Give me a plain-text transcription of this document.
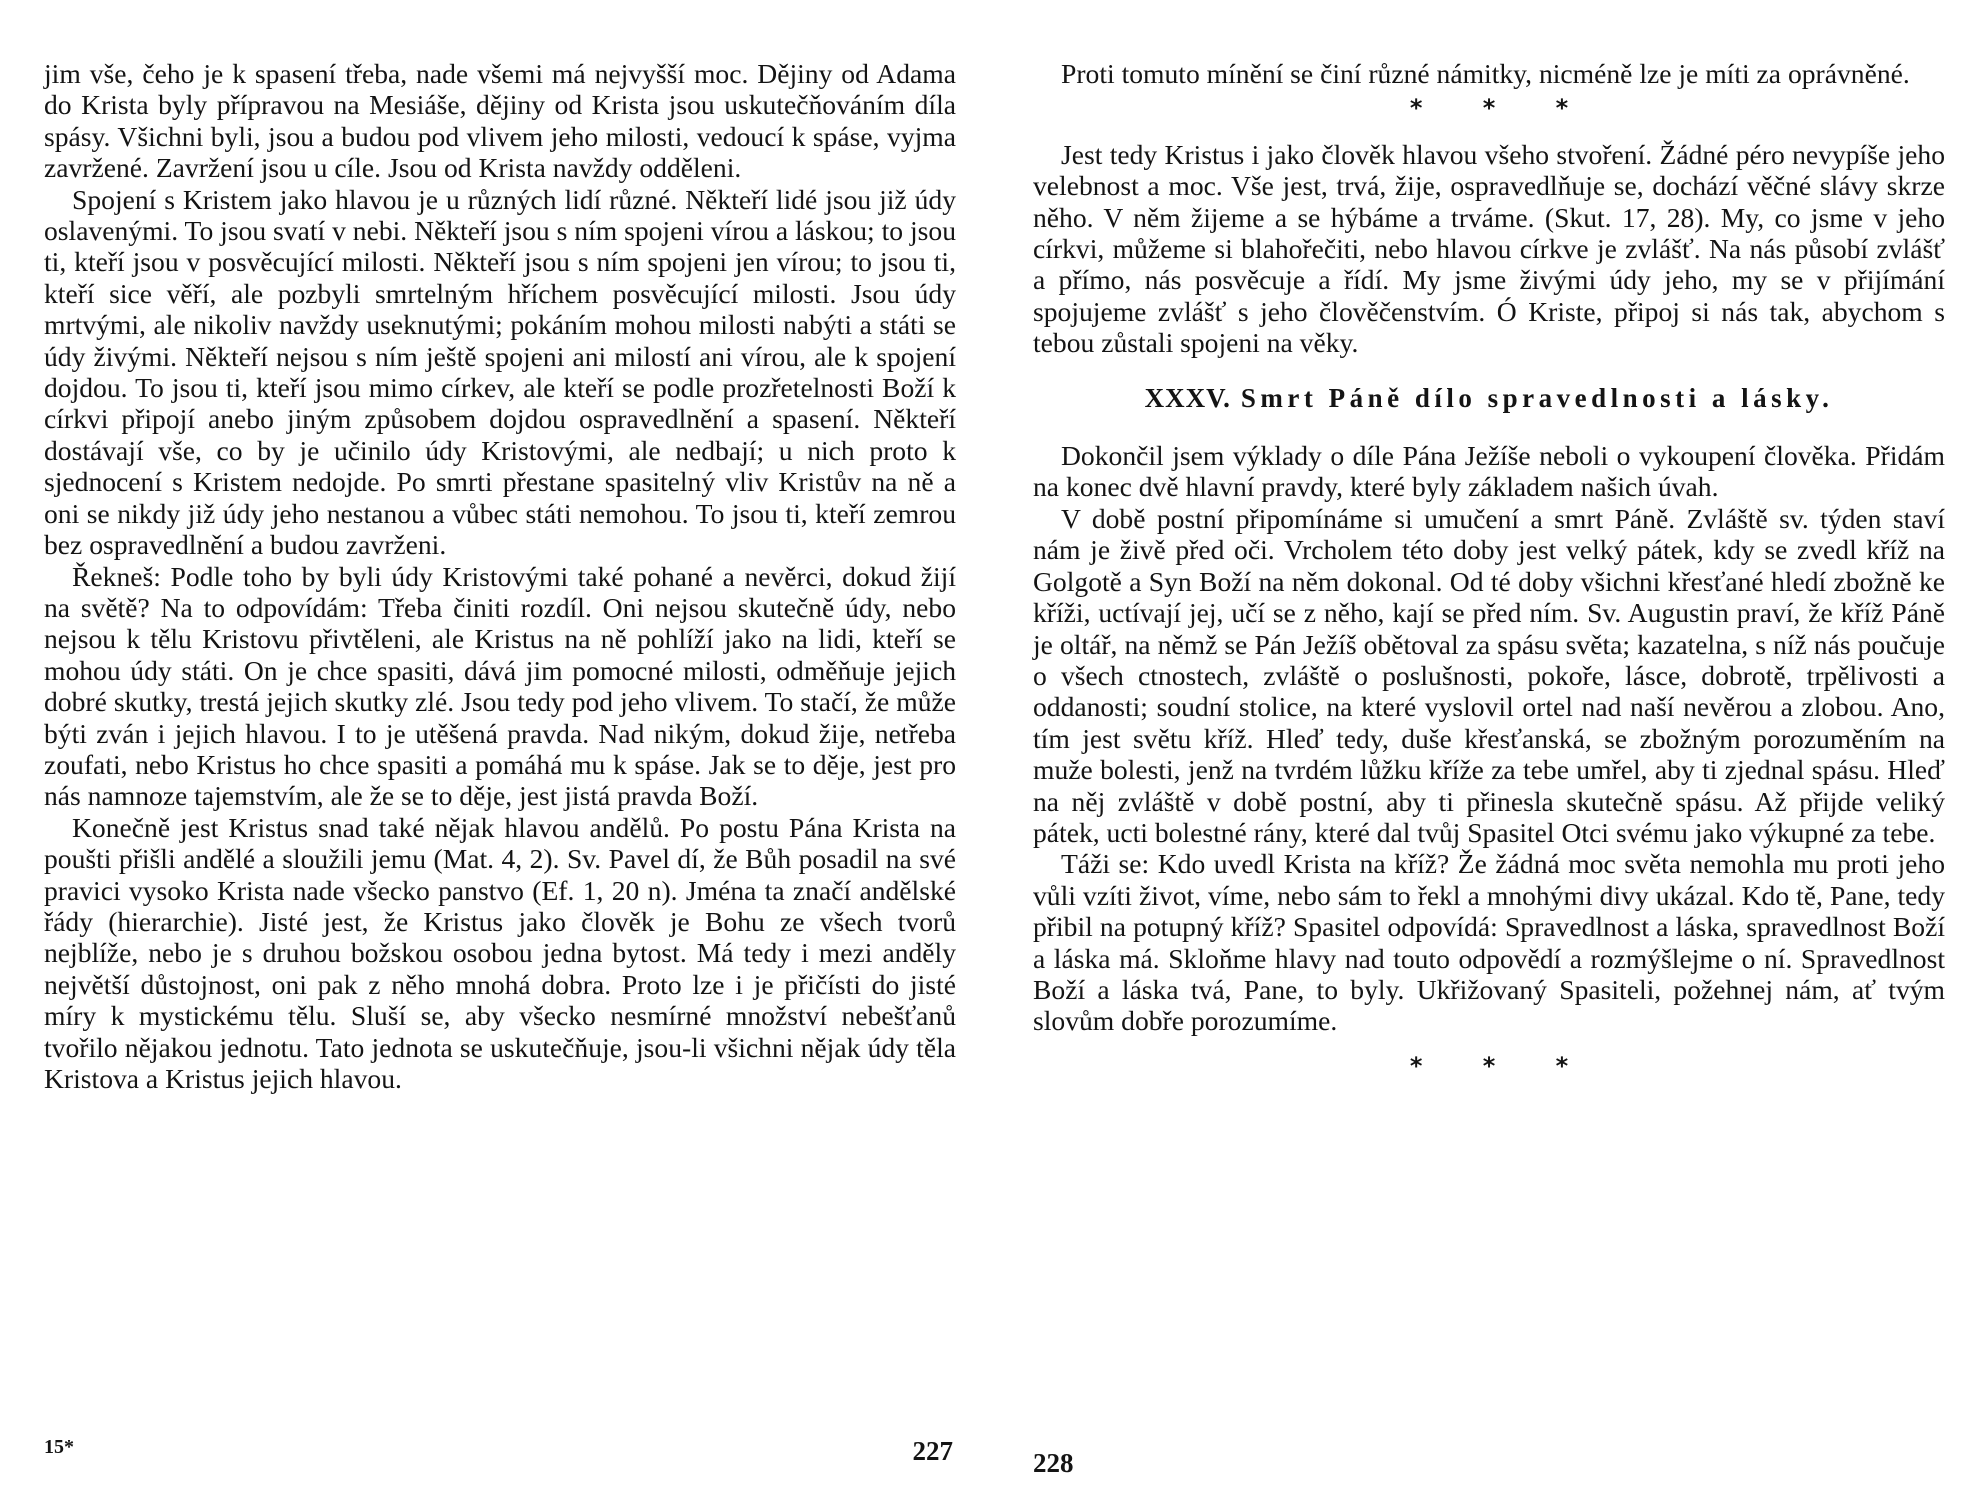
jim vše, čeho je k spasení třeba, nade všemi má nejvyšší moc. Dějiny od Adama do Krista byly přípravou na Mesiáše, dějiny od Krista jsou uskutečňováním díla spásy. Všichni byli, jsou a budou pod vlivem jeho milosti, vedoucí k spáse, vyjma zavržené. Zavržení jsou u cíle. Jsou od Krista navždy odděleni.

Spojení s Kristem jako hlavou je u různých lidí různé. Někteří lidé jsou již údy oslavenými. To jsou svatí v nebi. Někteří jsou s ním spojeni vírou a láskou; to jsou ti, kteří jsou v posvěcující milosti. Někteří jsou s ním spojeni jen vírou; to jsou ti, kteří sice věří, ale pozbyli smrtelným hříchem posvěcující milosti. Jsou údy mrtvými, ale nikoliv navždy useknutými; pokáním mohou milosti nabýti a státi se údy živými. Někteří nejsou s ním ještě spojeni ani milostí ani vírou, ale k spojení dojdou. To jsou ti, kteří jsou mimo církev, ale kteří se podle prozřetelnosti Boží k církvi připojí anebo jiným způsobem dojdou ospravedlnění a spasení. Někteří dostávají vše, co by je učinilo údy Kristovými, ale nedbají; u nich proto k sjednocení s Kristem nedojde. Po smrti přestane spasitelný vliv Kristův na ně a oni se nikdy již údy jeho nestanou a vůbec státi nemohou. To jsou ti, kteří zemrou bez ospravedlnění a budou zavrženi.

Řekneš: Podle toho by byli údy Kristovými také pohané a nevěrci, dokud žijí na světě? Na to odpovídám: Třeba činiti rozdíl. Oni nejsou skutečně údy, nebo nejsou k tělu Kristovu přivtěleni, ale Kristus na ně pohlíží jako na lidi, kteří se mohou údy státi. On je chce spasiti, dává jim pomocné milosti, odměňuje jejich dobré skutky, trestá jejich skutky zlé. Jsou tedy pod jeho vlivem. To stačí, že může býti zván i jejich hlavou. I to je utěšená pravda. Nad nikým, dokud žije, netřeba zoufati, nebo Kristus ho chce spasiti a pomáhá mu k spáse. Jak se to děje, jest pro nás namnoze tajemstvím, ale že se to děje, jest jistá pravda Boží.

Konečně jest Kristus snad také nějak hlavou andělů. Po postu Pána Krista na poušti přišli andělé a sloužili jemu (Mat. 4, 2). Sv. Pavel dí, že Bůh posadil na své pravici vysoko Krista nade všecko panstvo (Ef. 1, 20 n). Jména ta značí andělské řády (hierarchie). Jisté jest, že Kristus jako člověk je Bohu ze všech tvorů nejblíže, nebo je s druhou božskou osobou jedna bytost. Má tedy i mezi anděly největší důstojnost, oni pak z něho mnohá dobra. Proto lze i je přičísti do jisté míry k mystickému tělu. Sluší se, aby všecko nesmírné množství nebešťanů tvořilo nějakou jednotu. Tato jednota se uskutečňuje, jsou-li všichni nějak údy těla Kristova a Kristus jejich hlavou.

15*	227

Proti tomuto mínění se činí různé námitky, nicméně lze je míti za oprávněné.

* * *

Jest tedy Kristus i jako člověk hlavou všeho stvoření. Žádné péro nevypíše jeho velebnost a moc. Vše jest, trvá, žije, ospravedlňuje se, dochází věčné slávy skrze něho. V něm žijeme a se hýbáme a trváme. (Skut. 17, 28). My, co jsme v jeho církvi, můžeme si blahořečiti, nebo hlavou církve je zvlášť. Na nás působí zvlášť a přímo, nás posvěcuje a řídí. My jsme živými údy jeho, my se v přijímání spojujeme zvlášť s jeho člověčenstvím. Ó Kriste, připoj si nás tak, abychom s tebou zůstali spojeni na věky.

XXXV. Smrt Páně dílo spravedlnosti a lásky.

Dokončil jsem výklady o díle Pána Ježíše neboli o vykoupení člověka. Přidám na konec dvě hlavní pravdy, které byly základem našich úvah.

V době postní připomínáme si umučení a smrt Páně. Zvláště sv. týden staví nám je živě před oči. Vrcholem této doby jest velký pátek, kdy se zvedl kříž na Golgotě a Syn Boží na něm dokonal. Od té doby všichni křesťané hledí zbožně ke kříži, uctívají jej, učí se z něho, kají se před ním. Sv. Augustin praví, že kříž Páně je oltář, na němž se Pán Ježíš obětoval za spásu světa; kazatelna, s níž nás poučuje o všech ctnostech, zvláště o poslušnosti, pokoře, lásce, dobrotě, trpělivosti a oddanosti; soudní stolice, na které vyslovil ortel nad naší nevěrou a zlobou. Ano, tím jest světu kříž. Hleď tedy, duše křesťanská, se zbožným porozuměním na muže bolesti, jenž na tvrdém lůžku kříže za tebe umřel, aby ti zjednal spásu. Hleď na něj zvláště v době postní, aby ti přinesla skutečně spásu. Až přijde veliký pátek, ucti bolestné rány, které dal tvůj Spasitel Otci svému jako výkupné za tebe.

Táži se: Kdo uvedl Krista na kříž? Že žádná moc světa nemohla mu proti jeho vůli vzíti život, víme, nebo sám to řekl a mnohými divy ukázal. Kdo tě, Pane, tedy přibil na potupný kříž? Spasitel odpovídá: Spravedlnost a láska, spravedlnost Boží a láska má. Skloňme hlavy nad touto odpovědí a rozmýšlejme o ní. Spravedlnost Boží a láska tvá, Pane, to byly. Ukřižovaný Spasiteli, požehnej nám, ať tvým slovům dobře porozumíme.

* * *
228
